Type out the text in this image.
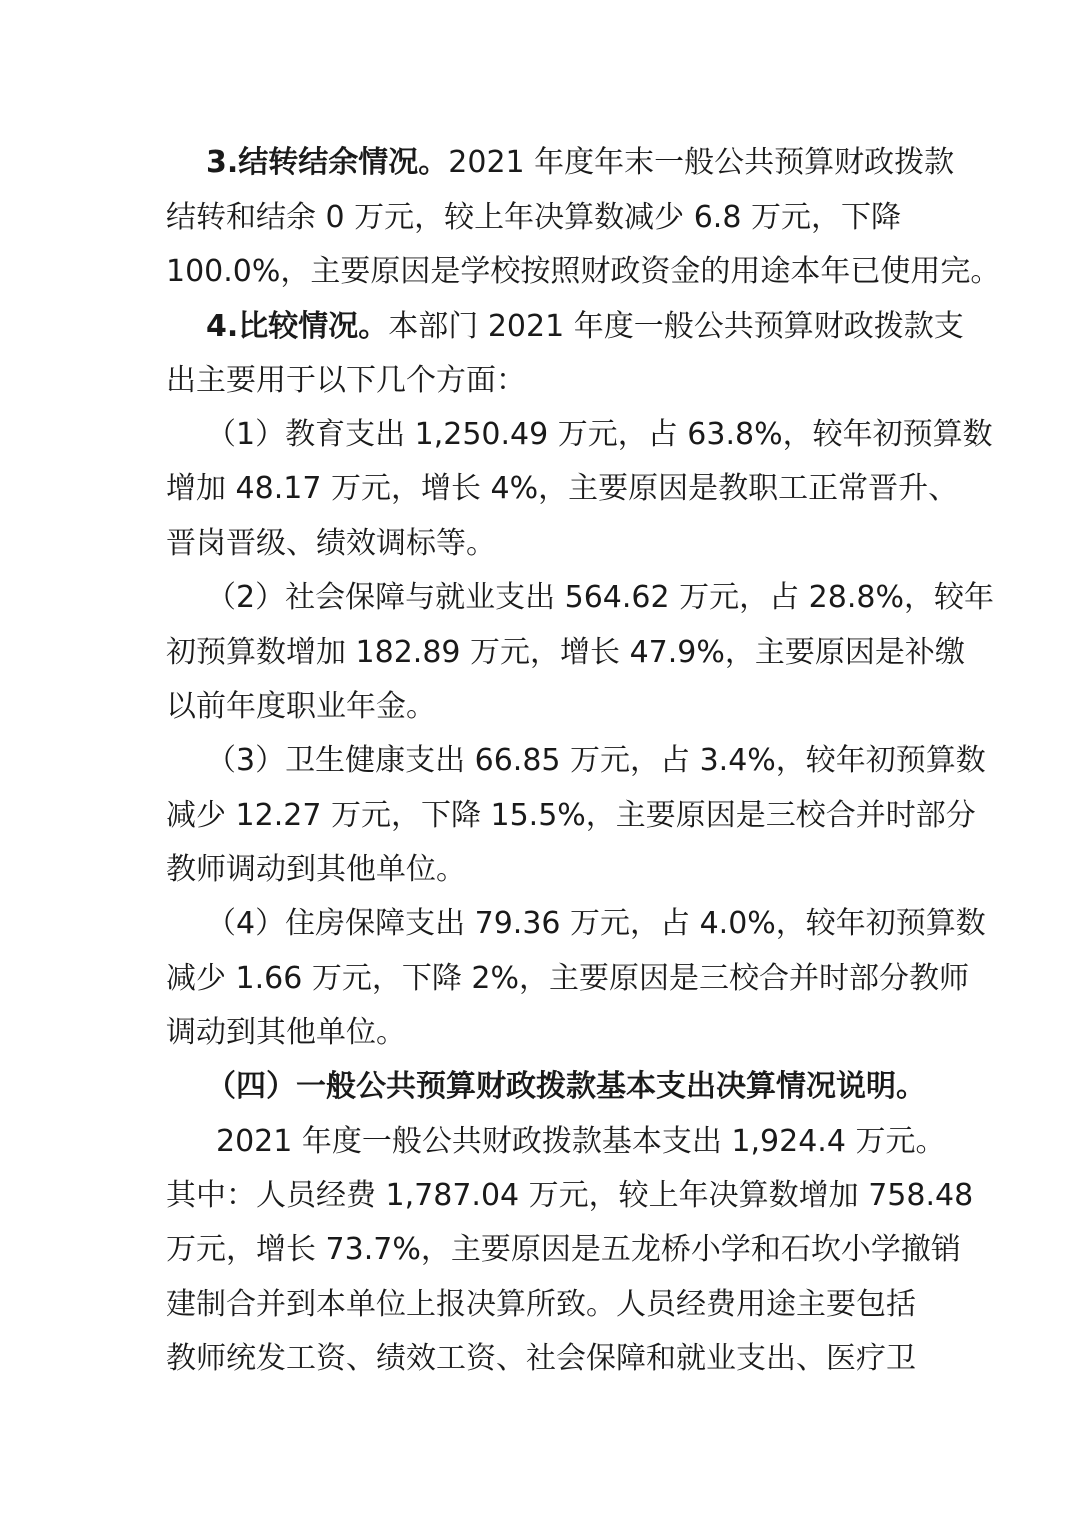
3.结转结余情况。2021 年度年末一般公共预算财政拨款

结转和结余 0 万元，较上年决算数减少 6.8 万元，下降

100.0%，主要原因是学校按照财政资金的用途本年已使用完。

4.比较情况。本部门 2021 年度一般公共预算财政拨款支

出主要用于以下几个方面：

（1）教育支出 1,250.49 万元，占 63.8%，较年初预算数

增加 48.17 万元，增长 4%，主要原因是教职工正常晋升、

晋岗晋级、绩效调标等。

（2）社会保障与就业支出 564.62 万元，占 28.8%，较年

初预算数增加 182.89 万元，增长 47.9%，主要原因是补缴

以前年度职业年金。

（3）卫生健康支出 66.85 万元，占 3.4%，较年初预算数

减少 12.27 万元，下降 15.5%，主要原因是三校合并时部分

教师调动到其他单位。

（4）住房保障支出 79.36 万元，占 4.0%，较年初预算数

减少 1.66 万元，下降 2%，主要原因是三校合并时部分教师

调动到其他单位。

（四）一般公共预算财政拨款基本支出决算情况说明。

2021 年度一般公共财政拨款基本支出 1,924.4 万元。

其中：人员经费 1,787.04 万元，较上年决算数增加 758.48

万元，增长 73.7%，主要原因是五龙桥小学和石坎小学撤销

建制合并到本单位上报决算所致。人员经费用途主要包括

教师统发工资、绩效工资、社会保障和就业支出、医疗卫
